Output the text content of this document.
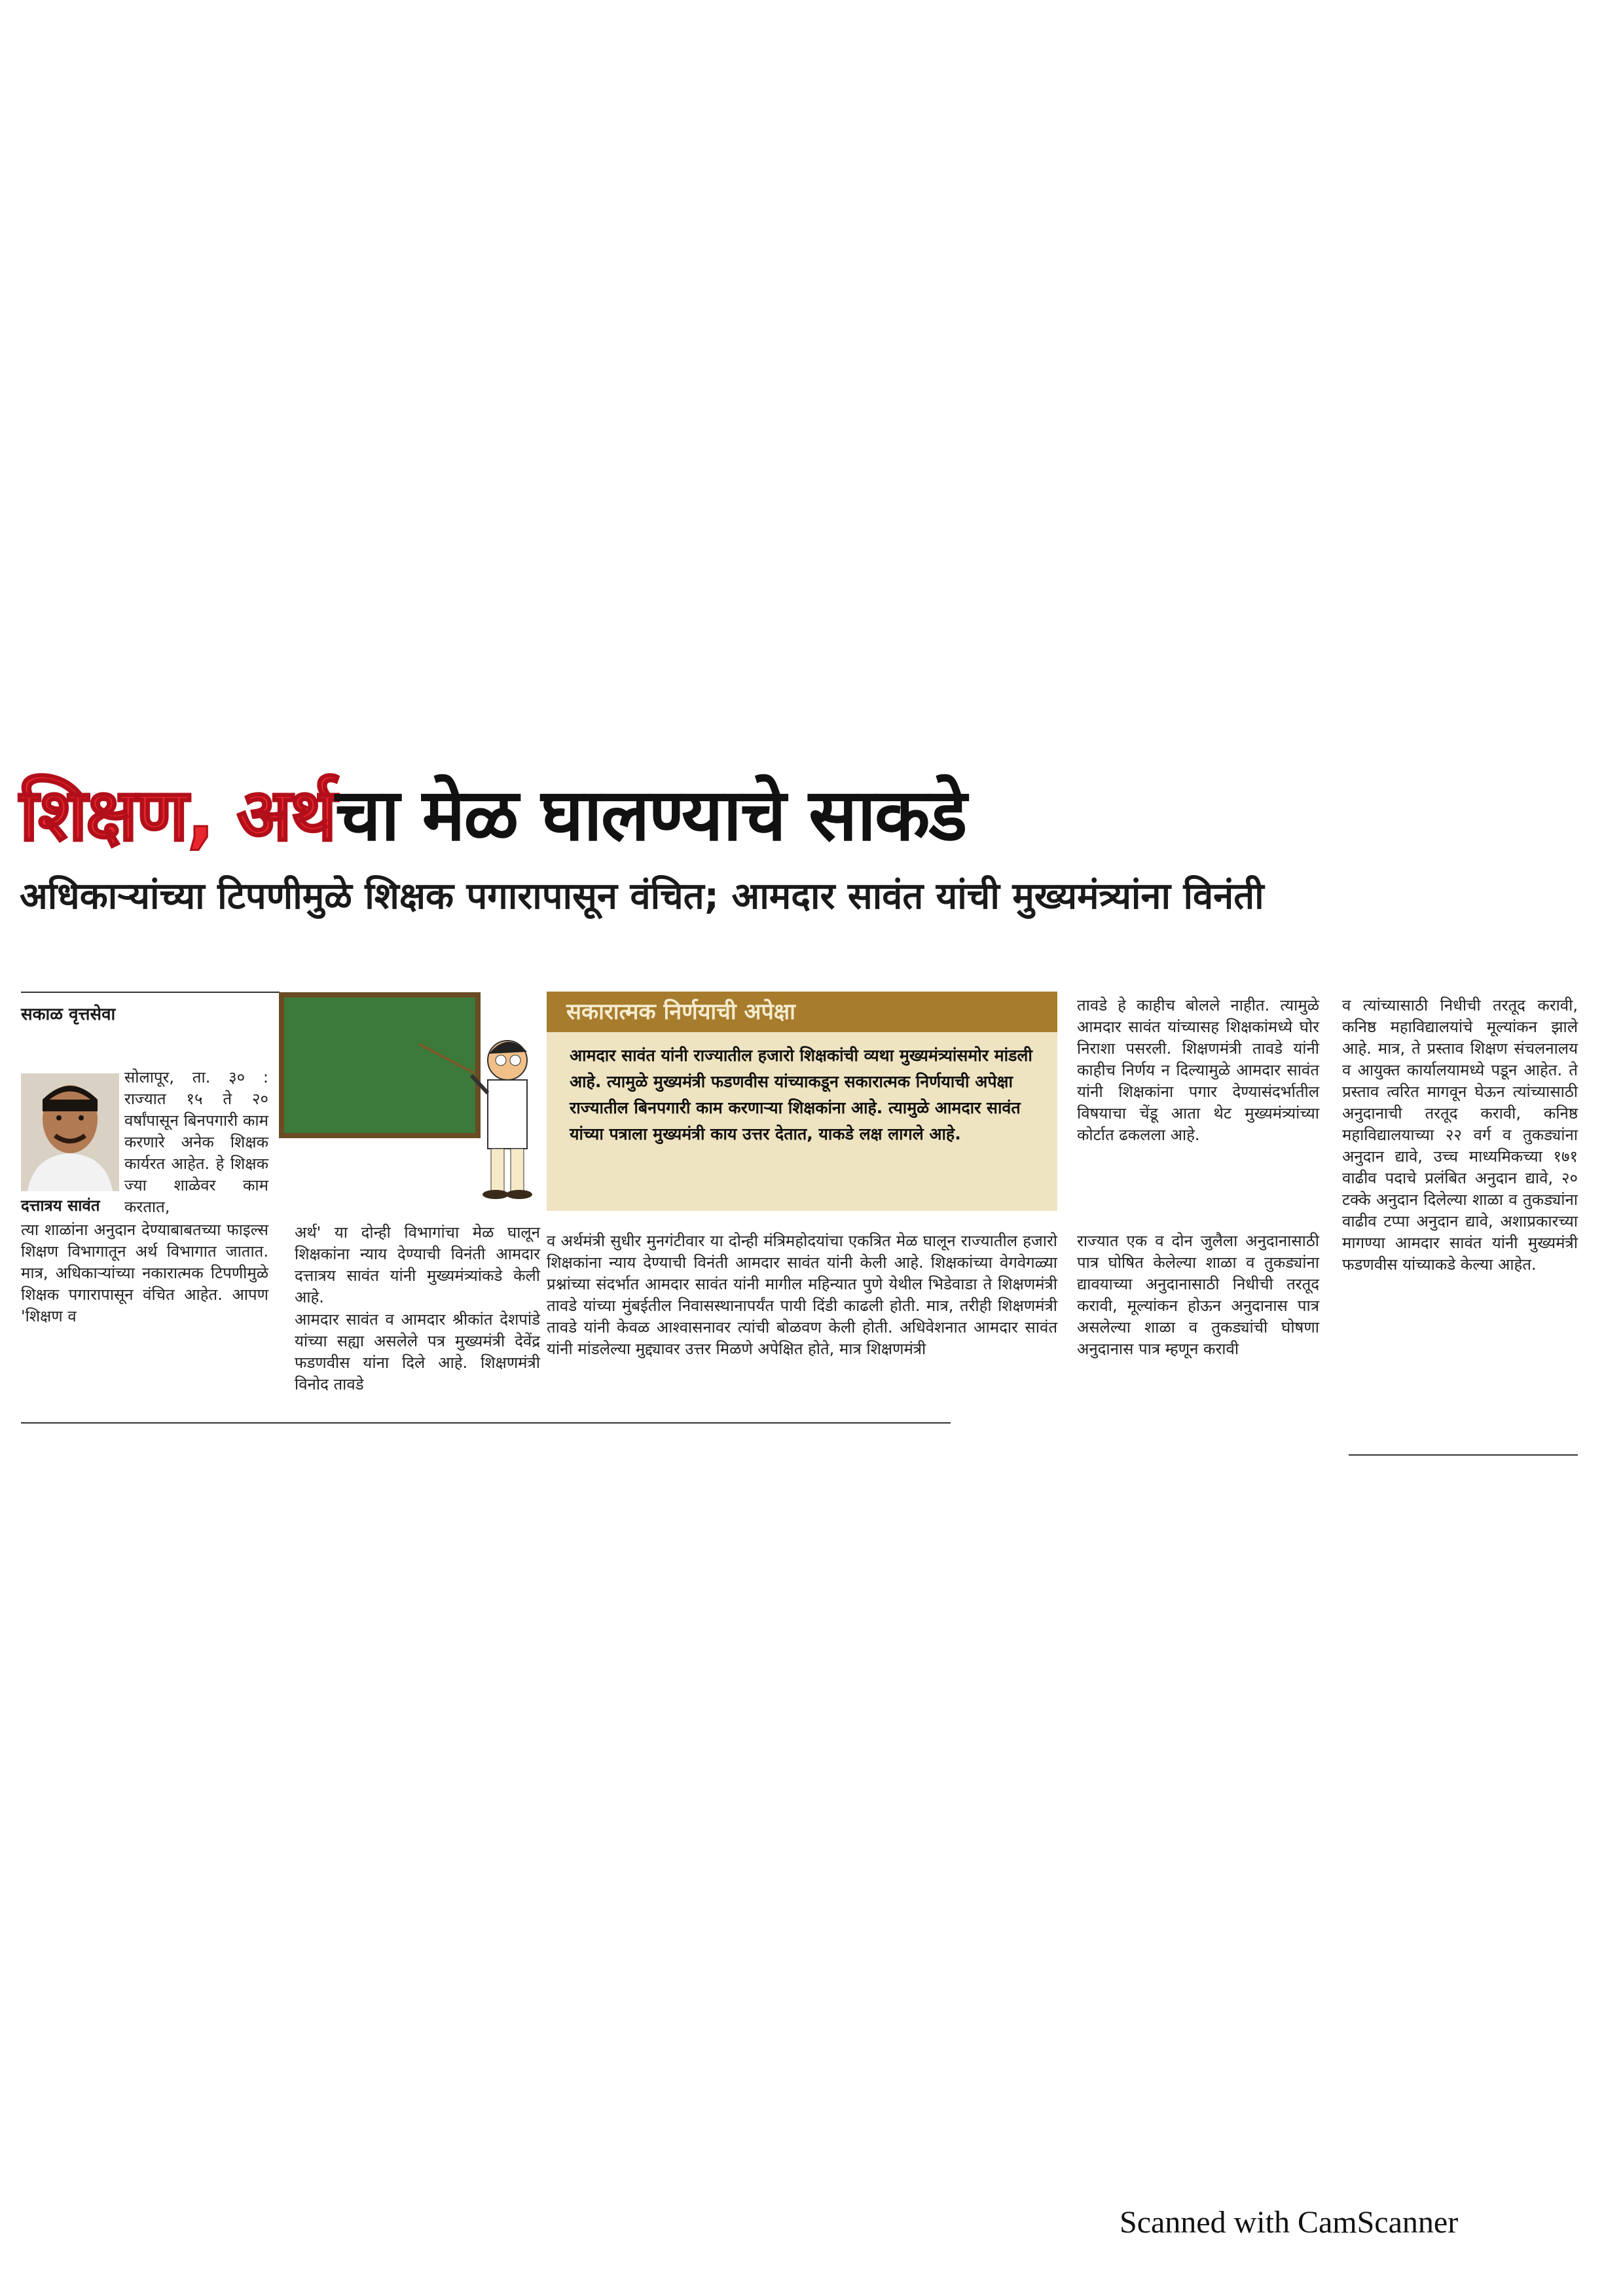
शिक्षण, अर्थचा मेळ घालण्याचे साकडे
अधिकाऱ्यांच्या टिपणीमुळे शिक्षक पगारापासून वंचित; आमदार सावंत यांची मुख्यमंत्र्यांना विनंती
सकाळ वृत्तसेवा
दत्तात्रय सावंत
सोलापूर, ता. ३० : राज्यात १५ ते २० वर्षांपासून बिनपगारी काम करणारे अनेक शिक्षक कार्यरत आहेत. हे शिक्षक ज्या शाळेवर काम करतात,
त्या शाळांना अनुदान देण्याबाबतच्या फाइल्स शिक्षण विभागातून अर्थ विभागात जातात. मात्र, अधिकाऱ्यांच्या नकारात्मक टिपणीमुळे शिक्षक पगारापासून वंचित आहेत. आपण 'शिक्षण व
अर्थ' या दोन्ही विभागांचा मेळ घालून शिक्षकांना न्याय देण्याची विनंती आमदार दत्तात्रय सावंत यांनी मुख्यमंत्र्यांकडे केली आहे.
आमदार सावंत व आमदार श्रीकांत देशपांडे यांच्या सह्या असलेले पत्र मुख्यमंत्री देवेंद्र फडणवीस यांना दिले आहे. शिक्षणमंत्री विनोद तावडे
सकारात्मक निर्णयाची अपेक्षा
आमदार सावंत यांनी राज्यातील हजारो शिक्षकांची व्यथा मुख्यमंत्र्यांसमोर मांडली आहे. त्यामुळे मुख्यमंत्री फडणवीस यांच्याकडून सकारात्मक निर्णयाची अपेक्षा राज्यातील बिनपगारी काम करणाऱ्या शिक्षकांना आहे. त्यामुळे आमदार सावंत यांच्या पत्राला मुख्यमंत्री काय उत्तर देतात, याकडे लक्ष लागले आहे.
व अर्थमंत्री सुधीर मुनगंटीवार या दोन्ही मंत्रिमहोदयांचा एकत्रित मेळ घालून राज्यातील हजारो शिक्षकांना न्याय देण्याची विनंती आमदार सावंत यांनी केली आहे. शिक्षकांच्या वेगवेगळ्या प्रश्नांच्या संदर्भात आमदार सावंत यांनी मागील महिन्यात पुणे येथील भिडेवाडा ते शिक्षणमंत्री तावडे यांच्या मुंबईतील निवासस्थानापर्यंत पायी दिंडी काढली होती. मात्र, तरीही शिक्षणमंत्री तावडे यांनी केवळ आश्वासनावर त्यांची बोळवण केली होती. अधिवेशनात आमदार सावंत यांनी मांडलेल्या मुद्द्यावर उत्तर मिळणे अपेक्षित होते, मात्र शिक्षणमंत्री
तावडे हे काहीच बोलले नाहीत. त्यामुळे आमदार सावंत यांच्यासह शिक्षकांमध्ये घोर निराशा पसरली. शिक्षणमंत्री तावडे यांनी काहीच निर्णय न दिल्यामुळे आमदार सावंत यांनी शिक्षकांना पगार देण्यासंदर्भातील विषयाचा चेंडू आता थेट मुख्यमंत्र्यांच्या कोर्टात ढकलला आहे.
राज्यात एक व दोन जुलैला अनुदानासाठी पात्र घोषित केलेल्या शाळा व तुकड्यांना द्यावयाच्या अनुदानासाठी निधीची तरतूद करावी, मूल्यांकन होऊन अनुदानास पात्र असलेल्या शाळा व तुकड्यांची घोषणा अनुदानास पात्र म्हणून करावी
व त्यांच्यासाठी निधीची तरतूद करावी, कनिष्ठ महाविद्यालयांचे मूल्यांकन झाले आहे. मात्र, ते प्रस्ताव शिक्षण संचलनालय व आयुक्त कार्यालयामध्ये पडून आहेत. ते प्रस्ताव त्वरित मागवून घेऊन त्यांच्यासाठी अनुदानाची तरतूद करावी, कनिष्ठ महाविद्यालयाच्या २२ वर्ग व तुकड्यांना अनुदान द्यावे, उच्च माध्यमिकच्या १७१ वाढीव पदाचे प्रलंबित अनुदान द्यावे, २० टक्के अनुदान दिलेल्या शाळा व तुकड्यांना वाढीव टप्पा अनुदान द्यावे, अशाप्रकारच्या मागण्या आमदार सावंत यांनी मुख्यमंत्री फडणवीस यांच्याकडे केल्या आहेत.
Scanned with CamScanner
